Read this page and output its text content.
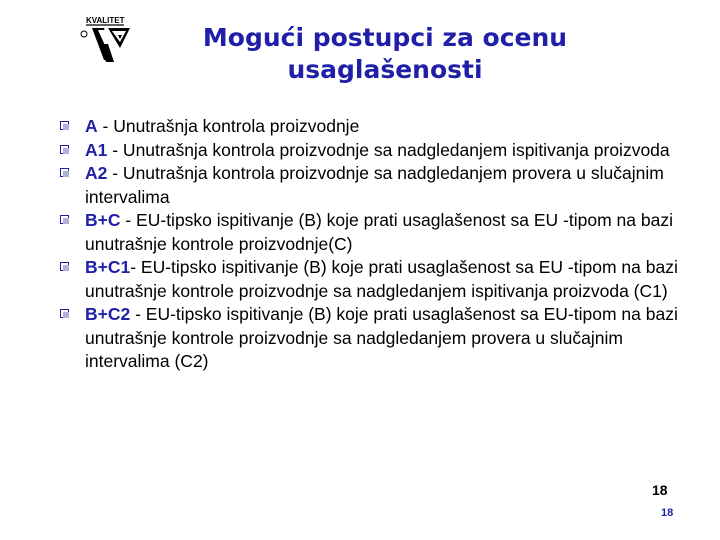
KVALITET
Mogući postupci za ocenu
usaglašenosti
A - Unutrašnja kontrola proizvodnje
A1 - Unutrašnja kontrola proizvodnje sa nadgledanjem ispitivanja proizvoda
A2 - Unutrašnja kontrola proizvodnje sa nadgledanjem provera u slučajnim intervalima
B+C - EU-tipsko ispitivanje (B) koje prati usaglašenost sa EU -tipom na bazi unutrašnje kontrole proizvodnje(C)
B+C1- EU-tipsko ispitivanje (B) koje prati usaglašenost sa EU -tipom na bazi unutrašnje kontrole proizvodnje sa nadgledanjem ispitivanja proizvoda (C1)
B+C2 - EU-tipsko ispitivanje (B) koje prati usaglašenost sa EU-tipom na bazi unutrašnje kontrole proizvodnje sa nadgledanjem provera u slučajnim intervalima (C2)
18
18
